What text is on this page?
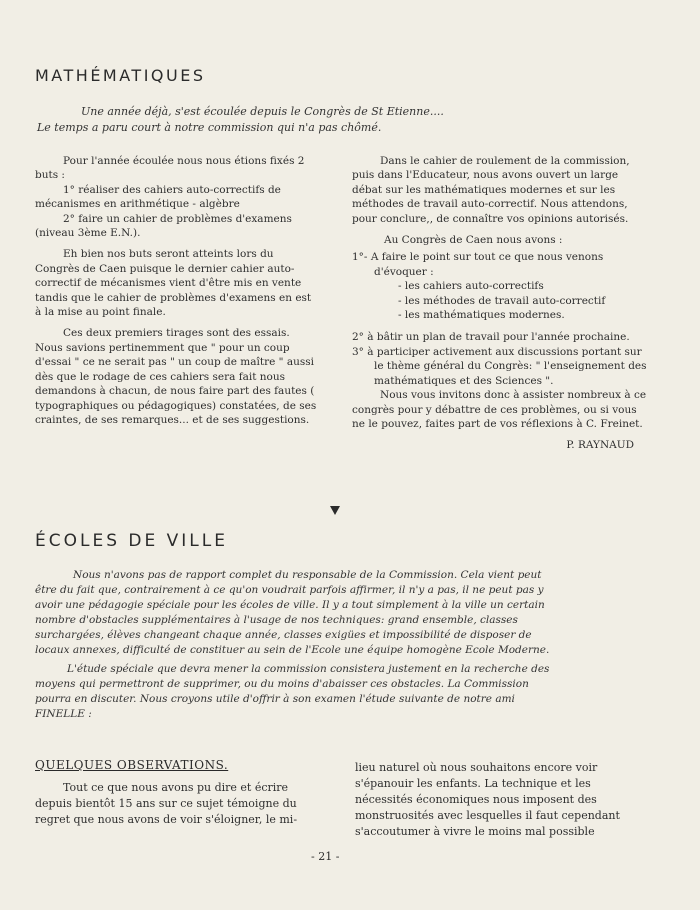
MATHÉMATIQUES

Une année déjà, s'est écoulée depuis le Congrès de St Etienne....

Le temps a paru court à notre commission qui n'a pas chômé.

Pour l'année écoulée nous nous étions fixés 2 buts :

1° réaliser des cahiers auto-correctifs de mécanismes en arithmétique - algèbre

2° faire un cahier de problèmes d'examens (niveau 3ème E.N.).

Eh bien nos buts seront atteints lors du Congrès de Caen puisque le dernier cahier auto-correctif de mécanismes vient d'être mis en vente tandis que le cahier de problèmes d'examens en est à la mise au point finale.

Ces deux premiers tirages sont des essais. Nous savions pertinemment que " pour un coup d'essai " ce ne serait pas " un coup de maître " aussi dès que le rodage de ces cahiers sera fait nous demandons à chacun, de nous faire part des fautes ( typographiques ou pédagogiques) constatées, de ses craintes, de ses remarques... et de ses suggestions.

Dans le cahier de roulement de la commission, puis dans l'Educateur, nous avons ouvert un large débat sur les mathématiques modernes et sur les méthodes de travail auto-correctif. Nous attendons, pour conclure,, de connaître vos opinions autorisés.

Au Congrès de Caen nous avons :

1°- A faire le point sur tout ce que nous venons d'évoquer :

- les cahiers auto-correctifs

- les méthodes de travail auto-correctif

- les mathématiques modernes.

2° à bâtir un plan de travail pour l'année prochaine.

3° à participer activement aux discussions portant sur le thème général du Congrès: " l'enseignement des mathématiques et des Sciences ".

Nous vous invitons donc à assister nombreux à ce congrès pour y débattre de ces problèmes, ou si vous ne le pouvez, faites part de vos réflexions à C. Freinet.

P. RAYNAUD

ÉCOLES DE VILLE

Nous n'avons pas de rapport complet du responsable de la Commission. Cela vient peut être du fait que, contrairement à ce qu'on voudrait parfois affirmer, il n'y a pas, il ne peut pas y avoir une pédagogie spéciale pour les écoles de ville. Il y a tout simplement à la ville un certain nombre d'obstacles supplémentaires à l'usage de nos techniques: grand ensemble, classes surchargées, élèves changeant chaque année, classes exigües et impossibilité de disposer de locaux annexes, difficulté de constituer au sein de l'Ecole une équipe homogène Ecole Moderne.

L'étude spéciale que devra mener la commission consistera justement en la recherche des moyens qui permettront de supprimer, ou du moins d'abaisser ces obstacles. La Commission pourra en discuter. Nous croyons utile d'offrir à son examen l'étude suivante de notre ami FINELLE :

QUELQUES OBSERVATIONS.

Tout ce que nous avons pu dire et écrire depuis bientôt 15 ans sur ce sujet témoigne du regret que nous avons de voir s'éloigner, le mi-

lieu naturel où nous souhaitons encore voir s'épanouir les enfants. La technique et les nécessités économiques nous imposent des monstruosités avec lesquelles il faut cependant s'accoutumer à vivre le moins mal possible

- 21 -
